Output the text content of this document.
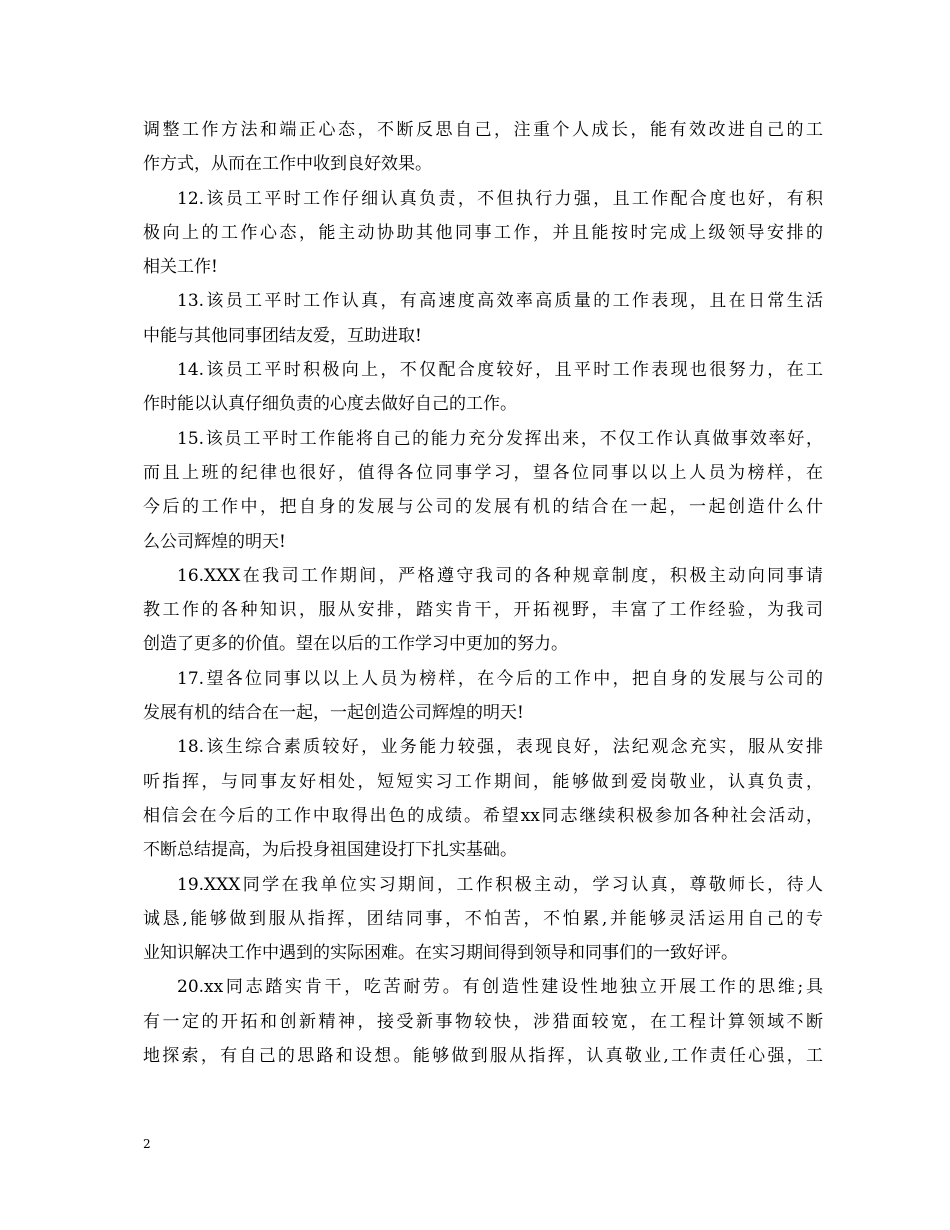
调整工作方法和端正心态，不断反思自己，注重个人成长，能有效改进自己的工
作方式，从而在工作中收到良好效果。
12.该员工平时工作仔细认真负责，不但执行力强，且工作配合度也好，有积
极向上的工作心态，能主动协助其他同事工作，并且能按时完成上级领导安排的
相关工作!
13.该员工平时工作认真，有高速度高效率高质量的工作表现，且在日常生活
中能与其他同事团结友爱，互助进取!
14.该员工平时积极向上，不仅配合度较好，且平时工作表现也很努力，在工
作时能以认真仔细负责的心度去做好自己的工作。
15.该员工平时工作能将自己的能力充分发挥出来，不仅工作认真做事效率好，
而且上班的纪律也很好，值得各位同事学习，望各位同事以以上人员为榜样，在
今后的工作中，把自身的发展与公司的发展有机的结合在一起，一起创造什么什
么公司辉煌的明天!
16.XXX在我司工作期间，严格遵守我司的各种规章制度，积极主动向同事请
教工作的各种知识，服从安排，踏实肯干，开拓视野，丰富了工作经验，为我司
创造了更多的价值。望在以后的工作学习中更加的努力。
17.望各位同事以以上人员为榜样，在今后的工作中，把自身的发展与公司的
发展有机的结合在一起，一起创造公司辉煌的明天!
18.该生综合素质较好，业务能力较强，表现良好，法纪观念充实，服从安排
听指挥，与同事友好相处，短短实习工作期间，能够做到爱岗敬业，认真负责，
相信会在今后的工作中取得出色的成绩。希望xx同志继续积极参加各种社会活动，
不断总结提高，为后投身祖国建设打下扎实基础。
19.XXX同学在我单位实习期间，工作积极主动，学习认真，尊敬师长，待人
诚恳,能够做到服从指挥，团结同事，不怕苦，不怕累,并能够灵活运用自己的专
业知识解决工作中遇到的实际困难。在实习期间得到领导和同事们的一致好评。
20.xx同志踏实肯干，吃苦耐劳。有创造性建设性地独立开展工作的思维;具
有一定的开拓和创新精神，接受新事物较快，涉猎面较宽，在工程计算领域不断
地探索，有自己的思路和设想。能够做到服从指挥，认真敬业,工作责任心强，工
2
